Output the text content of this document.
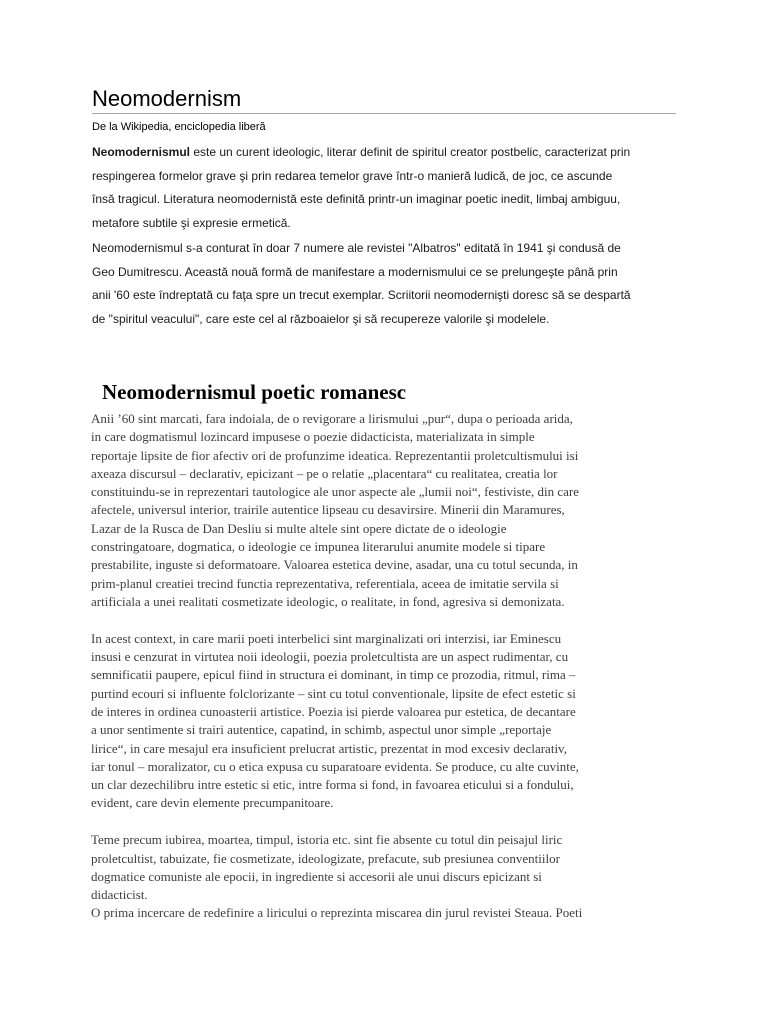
Neomodernism

De la Wikipedia, enciclopedia liberă

Neomodernismul este un curent ideologic, literar definit de spiritul creator postbelic, caracterizat prin
respingerea formelor grave şi prin redarea temelor grave într-o manieră ludică, de joc, ce ascunde
însă tragicul. Literatura neomodernistă este definită printr-un imaginar poetic inedit, limbaj ambiguu,
metafore subtile şi expresie ermetică.

Neomodernismul s-a conturat în doar 7 numere ale revistei "Albatros" editată în 1941 şi condusă de
Geo Dumitrescu. Această nouă formă de manifestare a modernismului ce se prelungeşte până prin
anii '60 este îndreptată cu faţa spre un trecut exemplar. Scriitorii neomodernişti doresc să se despartă
de "spiritul veacului", care este cel al războaielor şi să recupereze valorile şi modelele.

Neomodernismul poetic romanesc

Anii ’60 sint marcati, fara indoiala, de o revigorare a lirismului „pur“, dupa o perioada arida,

in care dogmatismul lozincard impusese o poezie didacticista, materializata in simple

reportaje lipsite de fior afectiv ori de profunzime ideatica. Reprezentantii proletcultismului isi

axeaza discursul – declarativ, epicizant – pe o relatie „placentara“ cu realitatea, creatia lor

constituindu-se in reprezentari tautologice ale unor aspecte ale „lumii noi“, festiviste, din care

afectele, universul interior, trairile autentice lipseau cu desavirsire. Minerii din Maramures,

Lazar de la Rusca de Dan Desliu si multe altele sint opere dictate de o ideologie

constringatoare, dogmatica, o ideologie ce impunea literarului anumite modele si tipare

prestabilite, inguste si deformatoare. Valoarea estetica devine, asadar, una cu totul secunda, in

prim-planul creatiei trecind functia reprezentativa, referentiala, aceea de imitatie servila si

artificiala a unei realitati cosmetizate ideologic, o realitate, in fond, agresiva si demonizata.

In acest context, in care marii poeti interbelici sint marginalizati ori interzisi, iar Eminescu

insusi e cenzurat in virtutea noii ideologii, poezia proletcultista are un aspect rudimentar, cu

semnificatii paupere, epicul fiind in structura ei dominant, in timp ce prozodia, ritmul, rima –

purtind ecouri si influente folclorizante – sint cu totul conventionale, lipsite de efect estetic si

de interes in ordinea cunoasterii artistice. Poezia isi pierde valoarea pur estetica, de decantare

a unor sentimente si trairi autentice, capatind, in schimb, aspectul unor simple „reportaje

lirice“, in care mesajul era insuficient prelucrat artistic, prezentat in mod excesiv declarativ,

iar tonul – moralizator, cu o etica expusa cu suparatoare evidenta. Se produce, cu alte cuvinte,

un clar dezechilibru intre estetic si etic, intre forma si fond, in favoarea eticului si a fondului,

evident, care devin elemente precumpanitoare.

Teme precum iubirea, moartea, timpul, istoria etc. sint fie absente cu totul din peisajul liric

proletcultist, tabuizate, fie cosmetizate, ideologizate, prefacute, sub presiunea conventiilor

dogmatice comuniste ale epocii, in ingrediente si accesorii ale unui discurs epicizant si

didacticist.

O prima incercare de redefinire a liricului o reprezinta miscarea din jurul revistei Steaua. Poeti
